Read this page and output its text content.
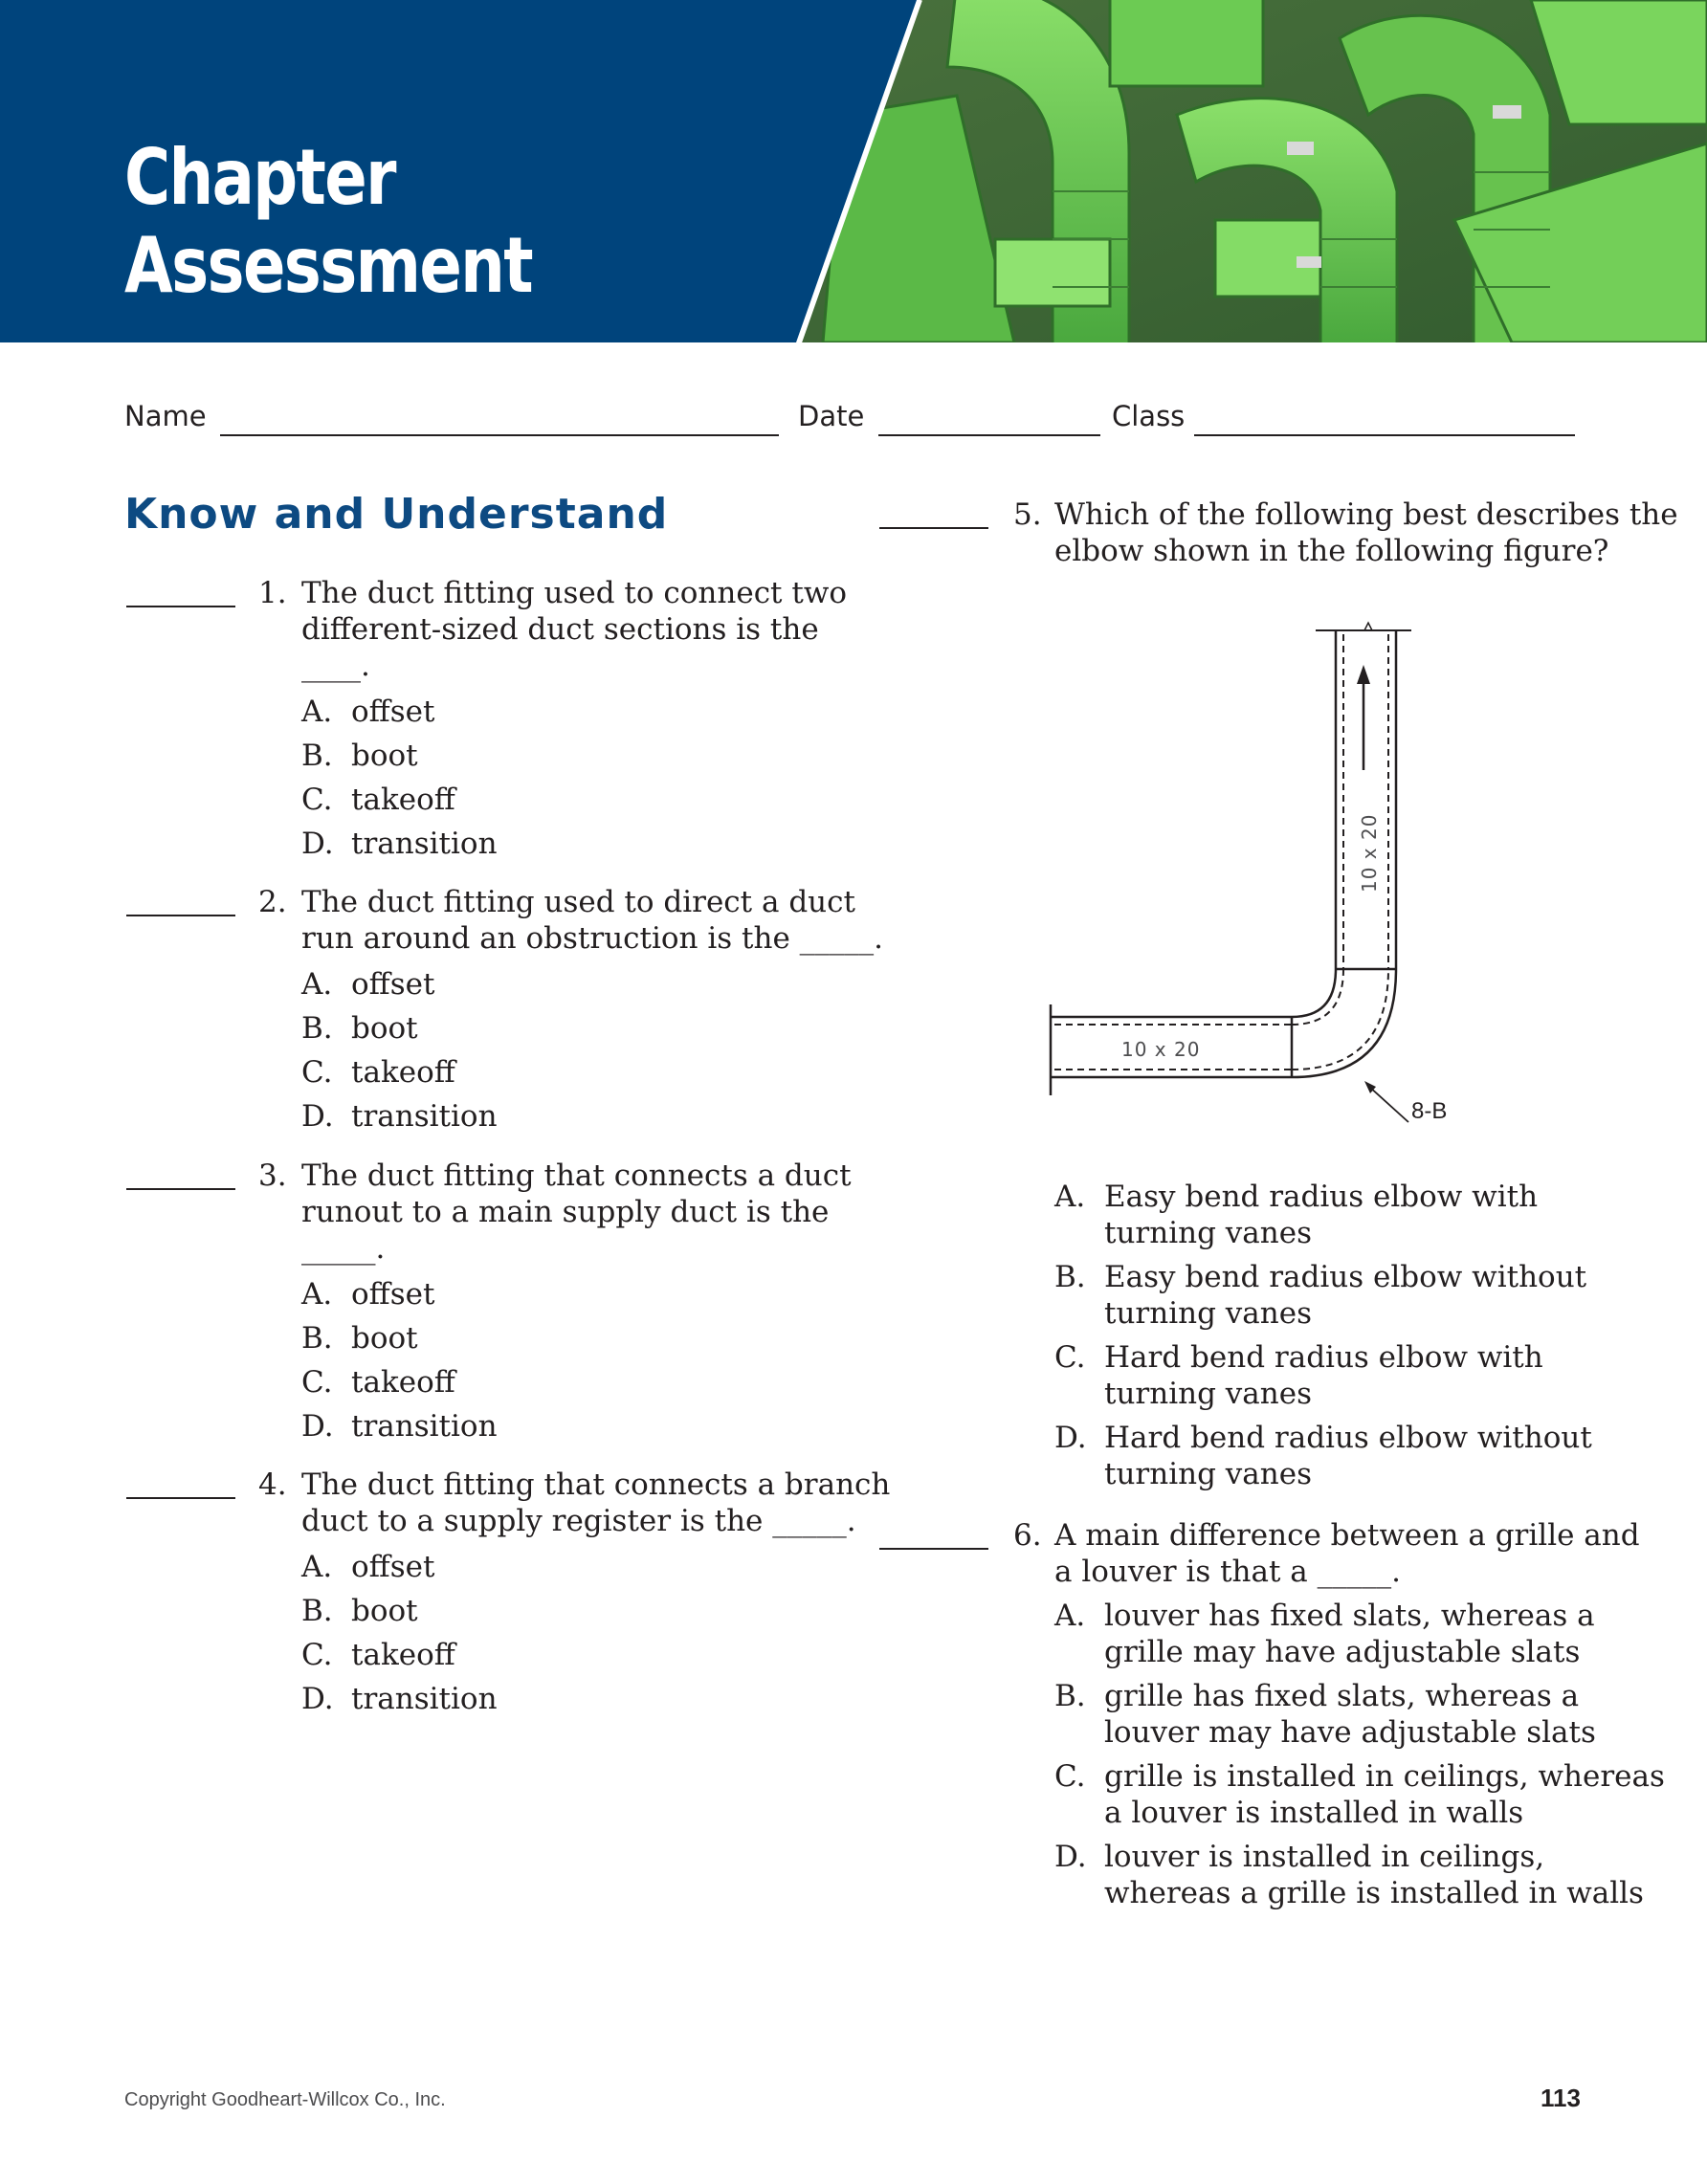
Chapter
Assessment
Name	Date	Class
Know and Understand
1. The duct fitting used to connect two
different-sized duct sections is the
____.
A. offset
B. boot
C. takeoff
D. transition
2. The duct fitting used to direct a duct
run around an obstruction is the _____.
A. offset
B. boot
C. takeoff
D. transition
3. The duct fitting that connects a duct
runout to a main supply duct is the
_____.
A. offset
B. boot
C. takeoff
D. transition
4. The duct fitting that connects a branch
duct to a supply register is the _____.
A. offset
B. boot
C. takeoff
D. transition
5. Which of the following best describes the
elbow shown in the following figure?
10 x 20
10 x 20
8-B
A. Easy bend radius elbow with
turning vanes
B. Easy bend radius elbow without
turning vanes
C. Hard bend radius elbow with
turning vanes
D. Hard bend radius elbow without
turning vanes
6. A main difference between a grille and
a louver is that a _____.
A. louver has fixed slats, whereas a
grille may have adjustable slats
B. grille has fixed slats, whereas a
louver may have adjustable slats
C. grille is installed in ceilings, whereas
a louver is installed in walls
D. louver is installed in ceilings,
whereas a grille is installed in walls
Copyright Goodheart-Willcox Co., Inc.	113
